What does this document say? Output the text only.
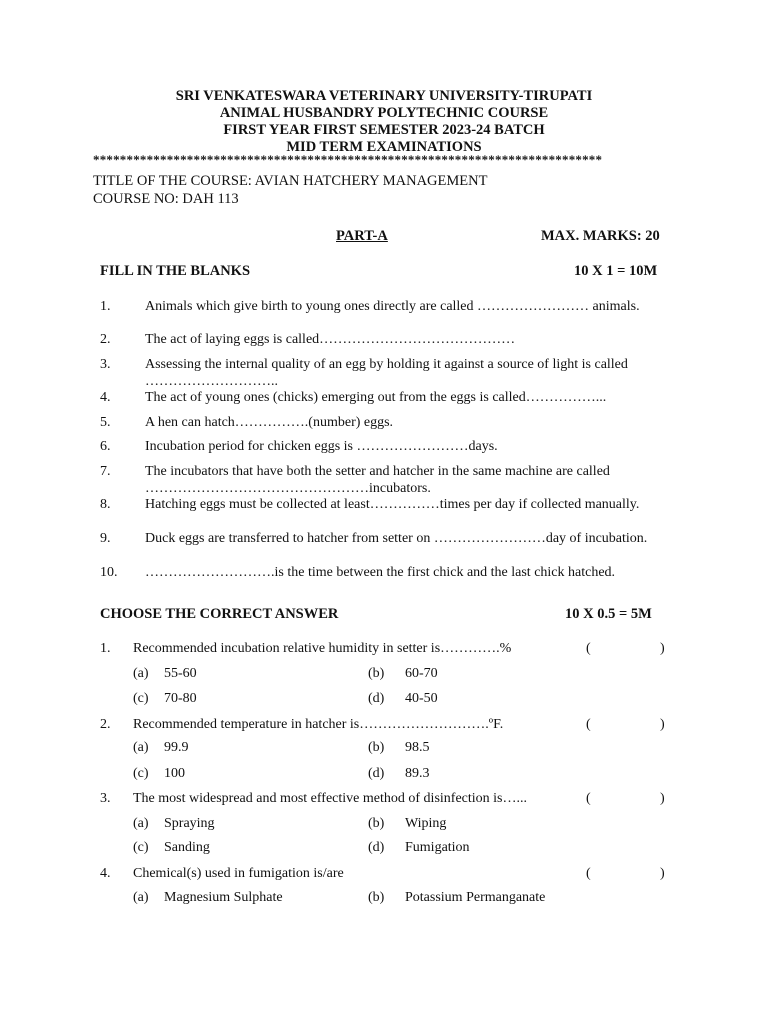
SRI VENKATESWARA VETERINARY UNIVERSITY-TIRUPATI
ANIMAL HUSBANDRY POLYTECHNIC COURSE
FIRST YEAR FIRST SEMESTER 2023-24 BATCH
MID TERM EXAMINATIONS
****************************************************************************
TITLE OF THE COURSE: AVIAN HATCHERY MANAGEMENT
COURSE NO: DAH 113
PART-A	MAX. MARKS: 20
FILL IN THE BLANKS	10 X 1 = 10M
1. Animals which give birth to young ones directly are called …………………… animals.
2. The act of laying eggs is called……………………………………
3. Assessing the internal quality of an egg by holding it against a source of light is called ………………………..
4. The act of young ones (chicks) emerging out from the eggs is called……………...
5. A hen can hatch…………….(number) eggs.
6. Incubation period for chicken eggs is ……………………days.
7. The incubators that have both the setter and hatcher in the same machine are called …………………………………………incubators.
8. Hatching eggs must be collected at least……………times per day if collected manually.
9. Duck eggs are transferred to hatcher from setter on ……………………day of incubation.
10. ……………………….is the time between the first chick and the last chick hatched.
CHOOSE THE CORRECT ANSWER	10 X 0.5 = 5M
1. Recommended incubation relative humidity in setter is………….%	(	)
(a) 55-60	(b) 60-70
(c) 70-80	(d) 40-50
2. Recommended temperature in hatcher is……………………….ºF.	(	)
(a) 99.9	(b) 98.5
(c) 100	(d) 89.3
3. The most widespread and most effective method of disinfection is…...	(	)
(a) Spraying	(b) Wiping
(c) Sanding	(d) Fumigation
4. Chemical(s) used in fumigation is/are	(	)
(a) Magnesium Sulphate	(b) Potassium Permanganate
